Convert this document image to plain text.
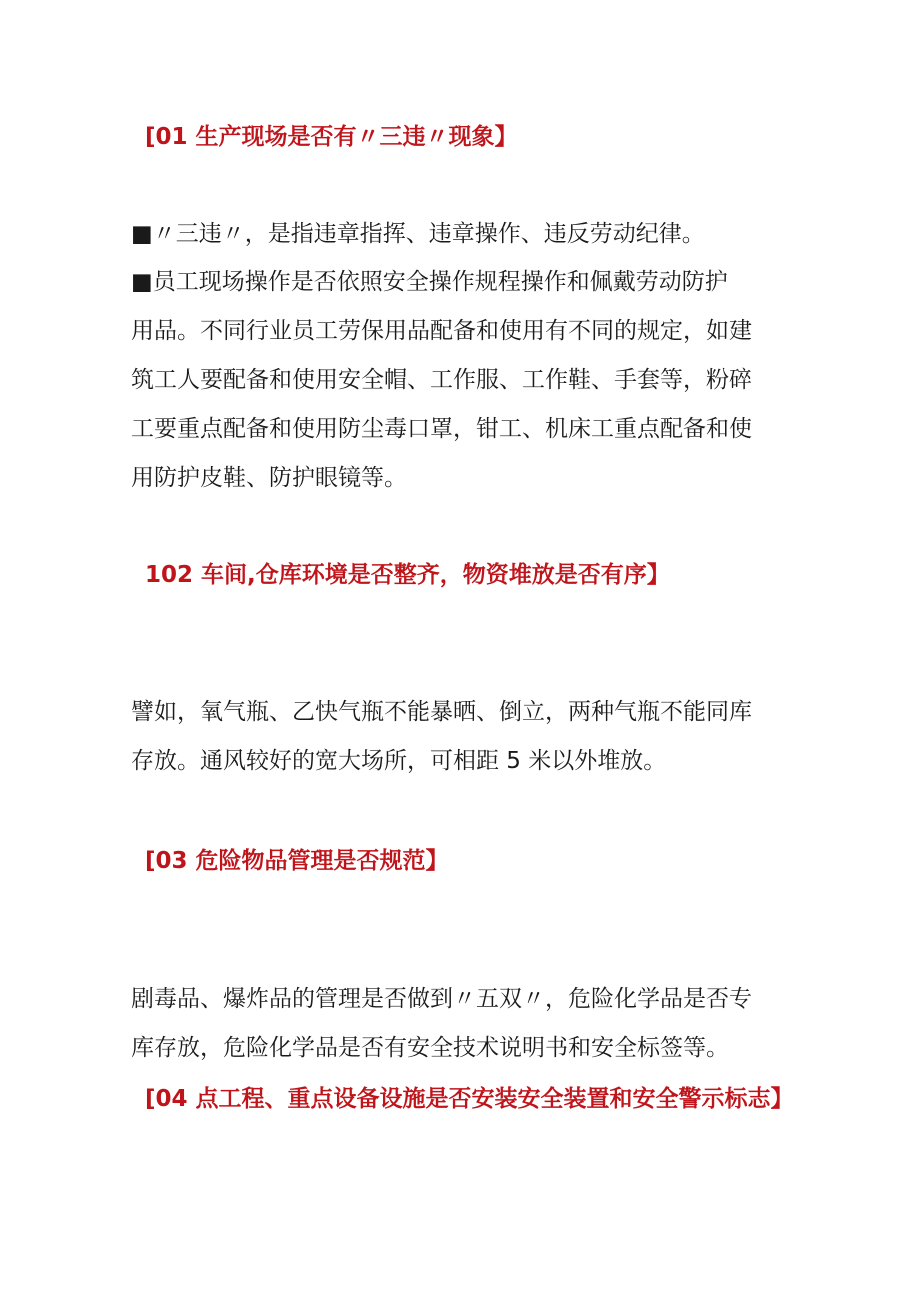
[01 生产现场是否有〃三违〃现象】

■〃三违〃，是指违章指挥、违章操作、违反劳动纪律。

■员工现场操作是否依照安全操作规程操作和佩戴劳动防护
用品。不同行业员工劳保用品配备和使用有不同的规定，如建
筑工人要配备和使用安全帽、工作服、工作鞋、手套等，粉碎
工要重点配备和使用防尘毒口罩，钳工、机床工重点配备和使
用防护皮鞋、防护眼镜等。

102 车间,仓库环境是否整齐，物资堆放是否有序】

譬如，氧气瓶、乙快气瓶不能暴晒、倒立，两种气瓶不能同库
存放。通风较好的宽大场所，可相距 5 米以外堆放。

[03 危险物品管理是否规范】

剧毒品、爆炸品的管理是否做到〃五双〃，危险化学品是否专
库存放，危险化学品是否有安全技术说明书和安全标签等。

[04 点工程、重点设备设施是否安装安全装置和安全警示标志】
